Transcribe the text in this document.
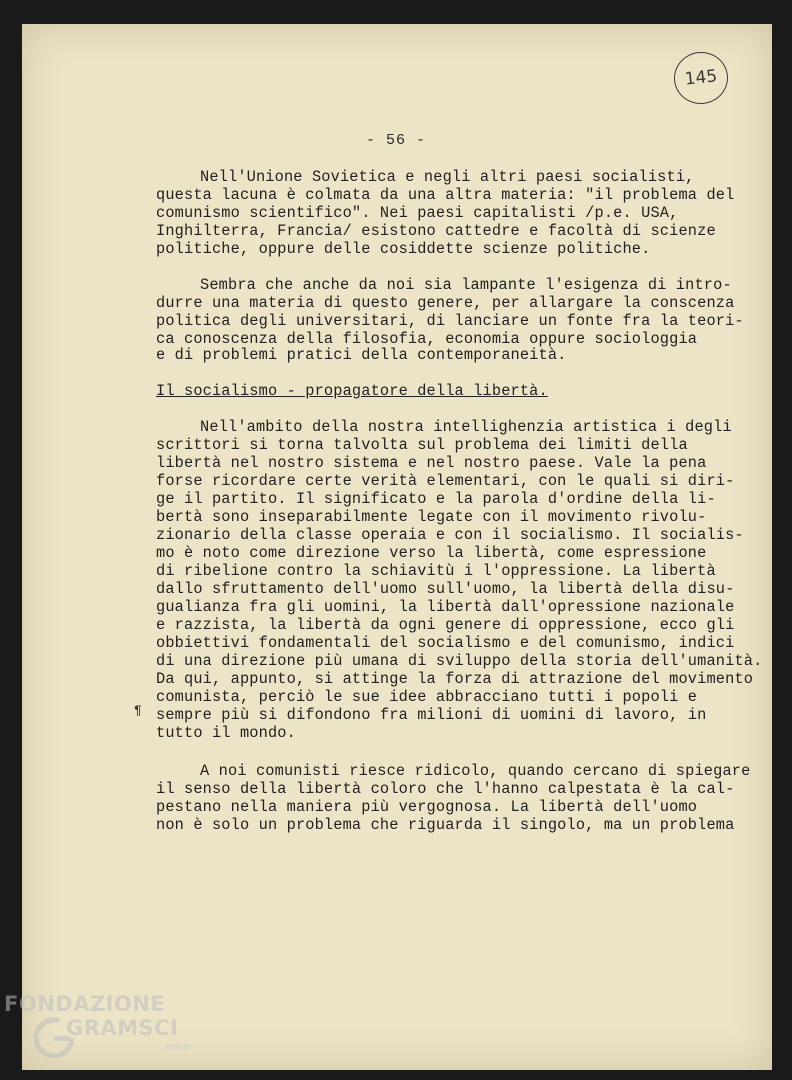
145
- 56 -
Nell'Unione Sovietica e negli altri paesi socialisti,
questa lacuna è colmata da una altra materia: "il problema del
comunismo scientifico". Nei paesi capitalisti /p.e. USA,
Inghilterra, Francia/ esistono cattedre e facoltà di scienze
politiche, oppure delle cosiddette scienze politiche.
Sembra che anche da noi sia lampante l'esigenza di intro-
durre una materia di questo genere, per allargare la conscenza
politica degli universitari, di lanciare un fonte fra la teori-
ca conoscenza della filosofia, economia oppure sociologgia
e di problemi pratici della contemporaneità.
Il socialismo - propagatore della libertà.
Nell'ambito della nostra intellighenzia artistica i degli
scrittori si torna talvolta sul problema dei limiti della
libertà nel nostro sistema e nel nostro paese. Vale la pena
forse ricordare certe verità elementari, con le quali si diri-
ge il partito. Il significato e la parola d'ordine della li-
bertà sono inseparabilmente legate con il movimento rivolu-
zionario della classe operaia e con il socialismo. Il socialis-
mo è noto come direzione verso la libertà, come espressione
di ribelione contro la schiavitù i l'oppressione. La libertà
dallo sfruttamento dell'uomo sull'uomo, la libertà della disu-
gualianza fra gli uomini, la libertà dall'opressione nazionale
e razzista, la libertà da ogni genere di oppressione, ecco gli
obbiettivi fondamentali del socialismo e del comunismo, indici
di una direzione più umana di sviluppo della storia dell'umanità.
Da qui, appunto, si attinge la forza di attrazione del movimento
comunista, perciò le sue idee abbracciano tutti i popoli e
sempre più si difondono fra milioni di uomini di lavoro, in
tutto il mondo.
¶
A noi comunisti riesce ridicolo, quando cercano di spiegare
il senso della libertà coloro che l'hanno calpestata è la cal-
pestano nella maniera più vergognosa. La libertà dell'uomo
non è solo un problema che riguarda il singolo, ma un problema
FONDAZIONE
GRAMSCI
onlus
